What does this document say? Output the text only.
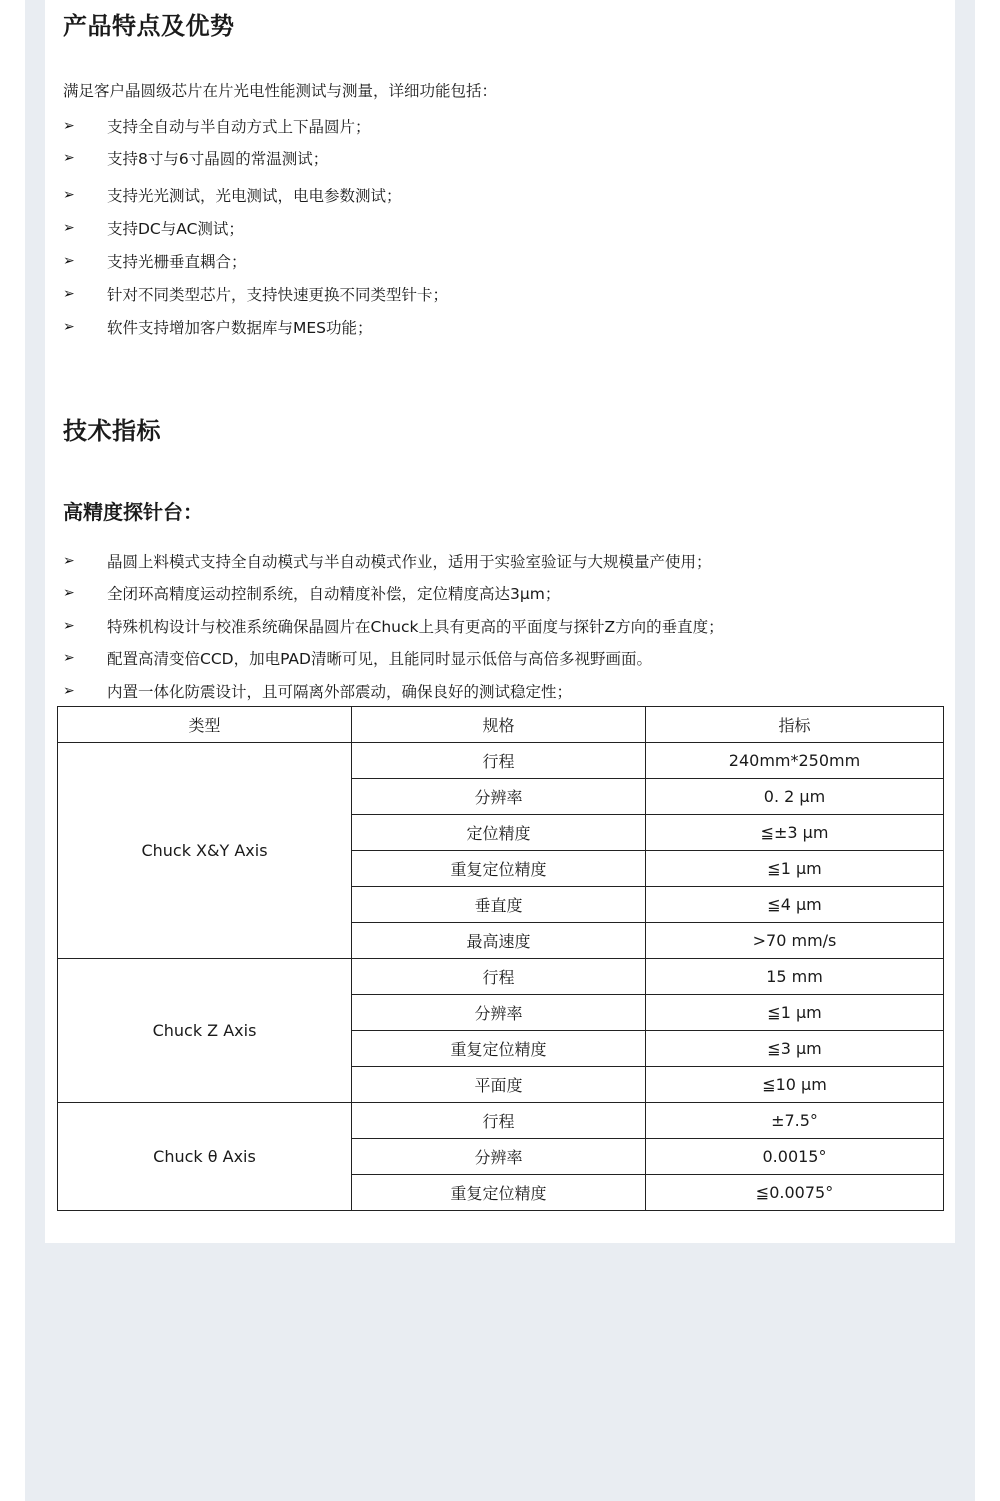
产品特点及优势
满足客户晶圆级芯片在片光电性能测试与测量，详细功能包括：
➢	支持全自动与半自动方式上下晶圆片；
➢	支持8寸与6寸晶圆的常温测试；
➢	支持光光测试，光电测试，电电参数测试；
➢	支持DC与AC测试；
➢	支持光栅垂直耦合；
➢	针对不同类型芯片，支持快速更换不同类型针卡；
➢	软件支持增加客户数据库与MES功能；
技术指标
高精度探针台：
➢	晶圆上料模式支持全自动模式与半自动模式作业，适用于实验室验证与大规模量产使用；
➢	全闭环高精度运动控制系统，自动精度补偿，定位精度高达3μm；
➢	特殊机构设计与校准系统确保晶圆片在Chuck上具有更高的平面度与探针Z方向的垂直度；
➢	配置高清变倍CCD，加电PAD清晰可见，且能同时显示低倍与高倍多视野画面。
➢	内置一体化防震设计，且可隔离外部震动，确保良好的测试稳定性；
类型	规格	指标
Chuck X&Y Axis	行程	240mm*250mm
	分辨率	0. 2 μm
	定位精度	≦±3 μm
	重复定位精度	≦1 μm
	垂直度	≦4 μm
	最高速度	>70 mm/s
Chuck Z Axis	行程	15 mm
	分辨率	≦1 μm
	重复定位精度	≦3 μm
	平面度	≦10 μm
Chuck θ Axis	行程	±7.5°
	分辨率	0.0015°
	重复定位精度	≦0.0075°
